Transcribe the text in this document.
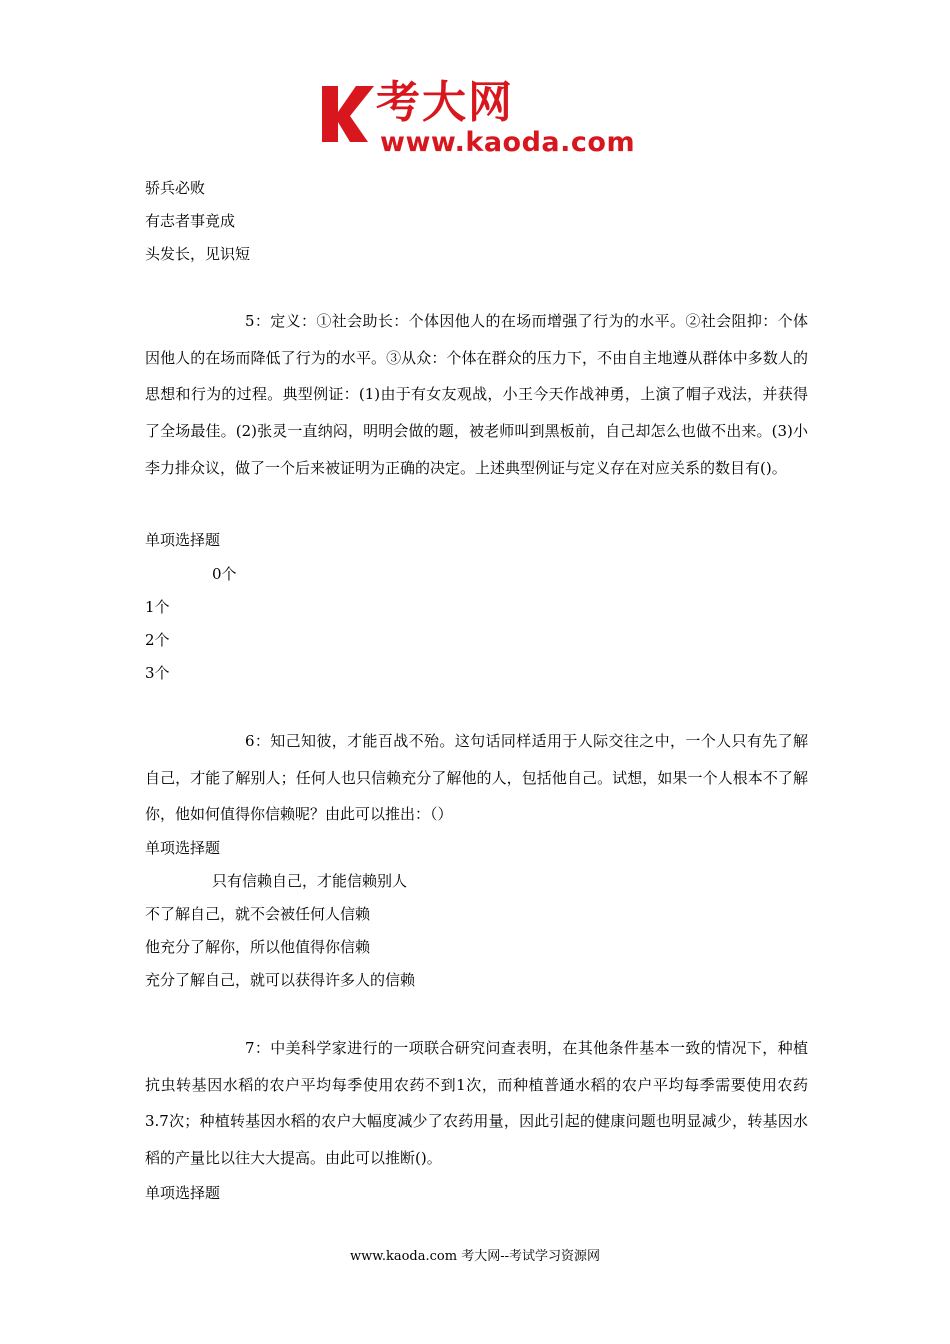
考大网
www.kaoda.com
骄兵必败
有志者事竟成
头发长，见识短

5：定义：①社会助长：个体因他人的在场而增强了行为的水平。②社会阻抑：个体因他人的在场而降低了行为的水平。③从众：个体在群众的压力下，不由自主地遵从群体中多数人的思想和行为的过程。典型例证：(1)由于有女友观战，小王今天作战神勇，上演了帽子戏法，并获得了全场最佳。(2)张灵一直纳闷，明明会做的题，被老师叫到黑板前，自己却怎么也做不出来。(3)小李力排众议，做了一个后来被证明为正确的决定。上述典型例证与定义存在对应关系的数目有()。

单项选择题
0个
1个
2个
3个

6：知己知彼，才能百战不殆。这句话同样适用于人际交往之中，一个人只有先了解自己，才能了解别人；任何人也只信赖充分了解他的人，包括他自己。试想，如果一个人根本不了解你，他如何值得你信赖呢？由此可以推出：（）

单项选择题
只有信赖自己，才能信赖别人
不了解自己，就不会被任何人信赖
他充分了解你，所以他值得你信赖
充分了解自己，就可以获得许多人的信赖

7：中美科学家进行的一项联合研究问查表明，在其他条件基本一致的情况下，种植抗虫转基因水稻的农户平均每季使用农药不到1次，而种植普通水稻的农户平均每季需要使用农药3.7次；种植转基因水稻的农户大幅度减少了农药用量，因此引起的健康问题也明显减少，转基因水稻的产量比以往大大提高。由此可以推断()。

单项选择题
www.kaoda.com 考大网--考试学习资源网
